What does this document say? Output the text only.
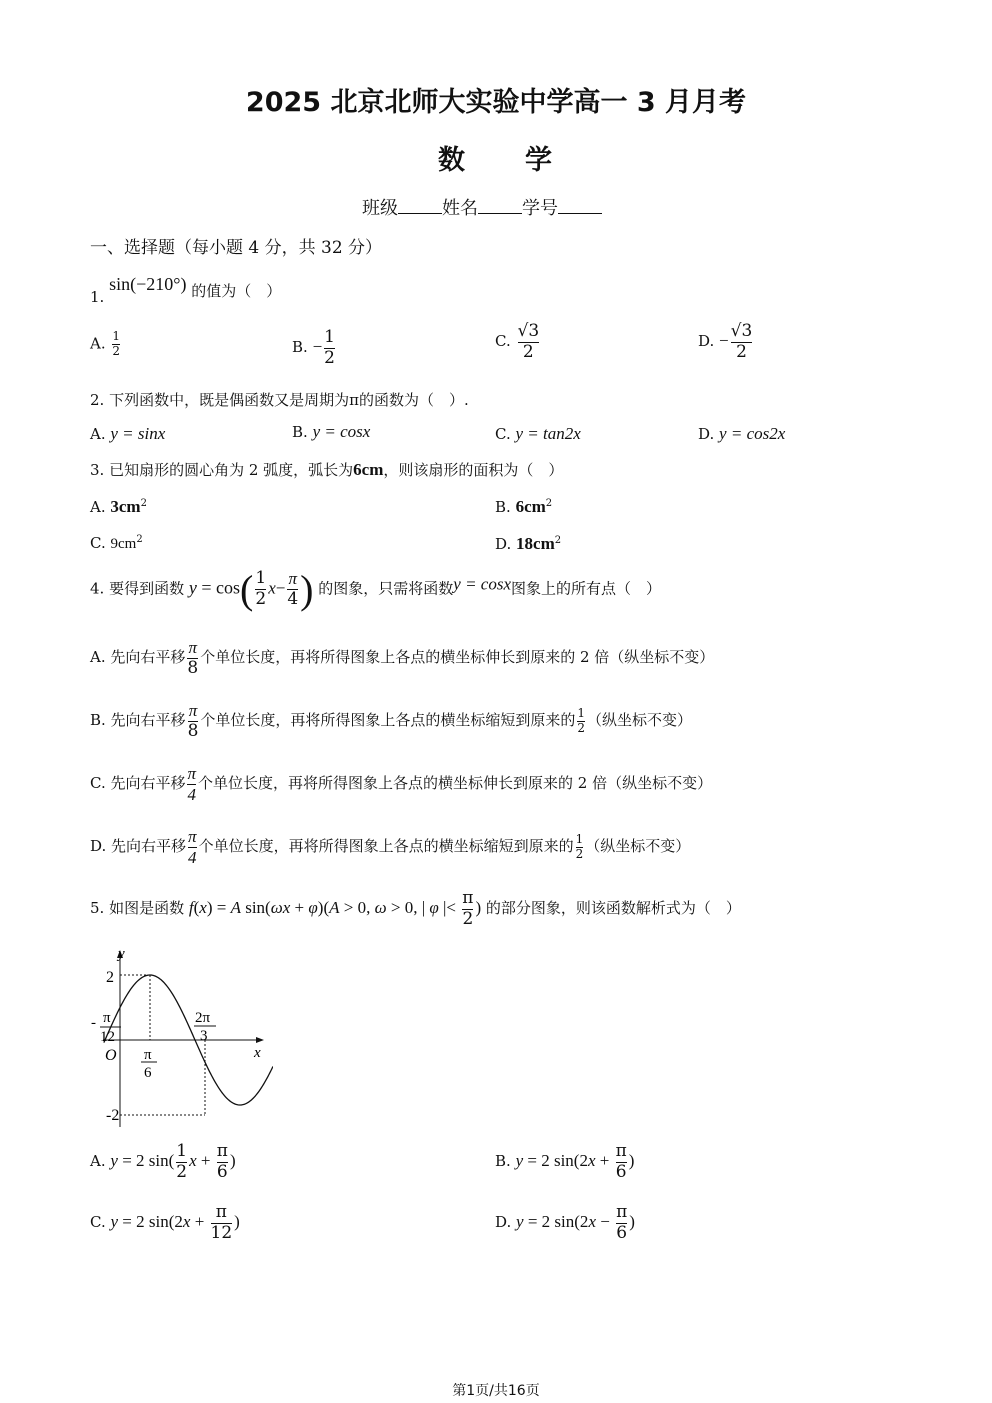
2025 北京北师大实验中学高一 3 月月考
数　　学
班级 姓名 学号
一、选择题（每小题 4 分，共 32 分）
1. sin(−210°) 的值为（　）
A. $\frac{1}{2}$	B. − $\frac{1}{2}$	C. $\frac{√3}{2}$	D. − $\frac{√3}{2}$
2. 下列函数中，既是偶函数又是周期为π的函数为（　）.
A. y = sinx	B. y = cosx	C. y = tan2x	D. y = cos2x
3. 已知扇形的圆心角为 2 弧度，弧长为6cm，则该扇形的面积为（　）
A. $3cm^2$	B. $6cm^2$
C. $9cm^2$	D. $18cm^2$
4. 要得到函数 $y = \cos( \frac{1}{2} x- \frac{\pi}{4}$ ) 的图象，只需将函数y = cosx图象上的所有点（　）
A. 先向右平移 $\frac{\pi}{8}$ 个单位长度，再将所得图象上各点的横坐标伸长到原来的 2 倍（纵坐标不变）
B. 先向右平移 $\frac{\pi}{8}$ 个单位长度，再将所得图象上各点的横坐标缩短到原来的 $\frac{1}{2}$ （纵坐标不变）
C. 先向右平移 $\frac{\pi}{4}$ 个单位长度，再将所得图象上各点的横坐标伸长到原来的 2 倍（纵坐标不变）
D. 先向右平移 $\frac{\pi}{4}$ 个单位长度，再将所得图象上各点的横坐标缩短到原来的 $\frac{1}{2}$ （纵坐标不变）
5. 如图是函数 f(x) = A sin(ωx + φ)(A > 0, ω > 0, | φ |< $\frac{\pi}{2}$ ) 的部分图象，则该函数解析式为（　）
y
x
O
2
-2
- π
12
π
6
2π
3
A. y = 2 $\sin( \frac{1}{2}$ $x + \frac{\pi}{6}$ )	B. y = 2 $\sin(2x + \frac{\pi}{6}$ )
C. y = 2 $\sin(2x + \frac{\pi}{12}$ )	D. y = 2 $\sin(2x - \frac{\pi}{6}$ )
第1页/共16页
